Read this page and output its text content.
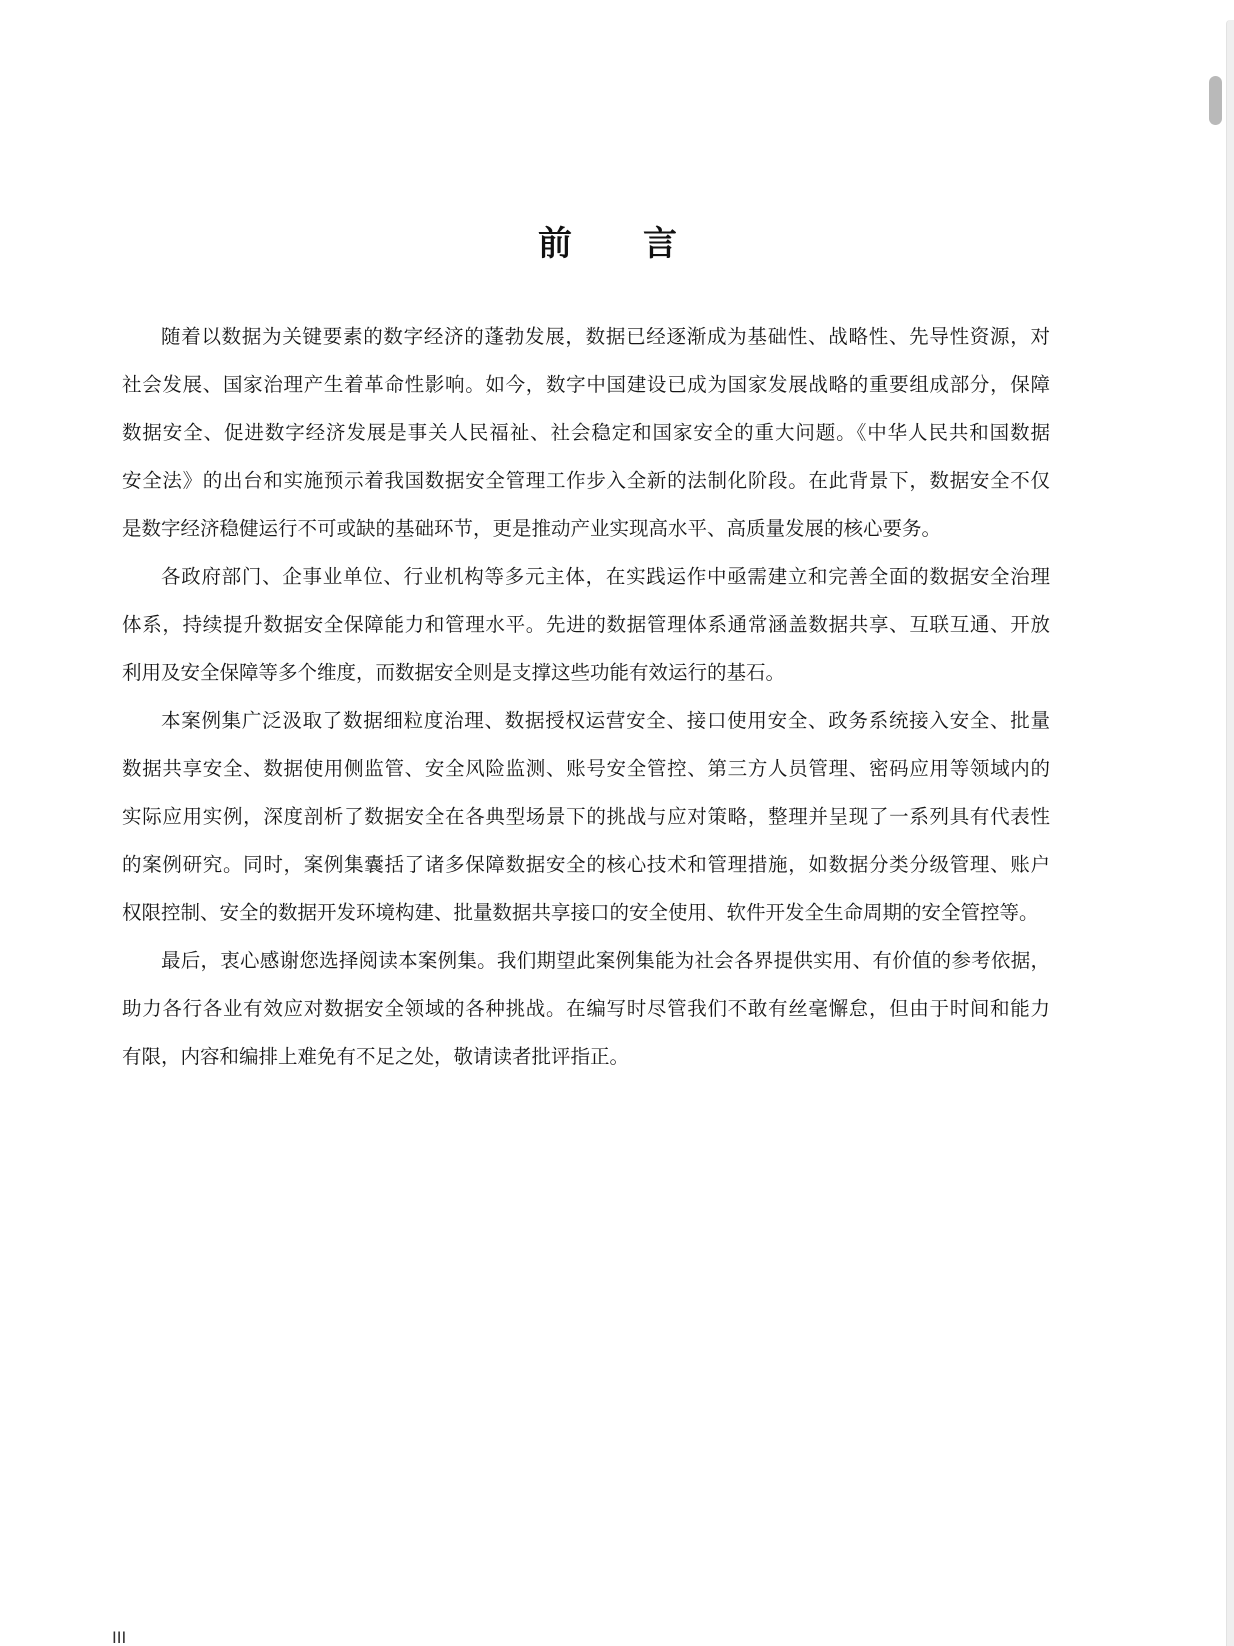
前　　言
随着以数据为关键要素的数字经济的蓬勃发展，数据已经逐渐成为基础性、战略性、先导性资源，对
社会发展、国家治理产生着革命性影响。如今，数字中国建设已成为国家发展战略的重要组成部分，保障
数据安全、促进数字经济发展是事关人民福祉、社会稳定和国家安全的重大问题。《中华人民共和国数据
安全法》的出台和实施预示着我国数据安全管理工作步入全新的法制化阶段。在此背景下，数据安全不仅
是数字经济稳健运行不可或缺的基础环节，更是推动产业实现高水平、高质量发展的核心要务。
各政府部门、企事业单位、行业机构等多元主体，在实践运作中亟需建立和完善全面的数据安全治理
体系，持续提升数据安全保障能力和管理水平。先进的数据管理体系通常涵盖数据共享、互联互通、开放
利用及安全保障等多个维度，而数据安全则是支撑这些功能有效运行的基石。
本案例集广泛汲取了数据细粒度治理、数据授权运营安全、接口使用安全、政务系统接入安全、批量
数据共享安全、数据使用侧监管、安全风险监测、账号安全管控、第三方人员管理、密码应用等领域内的
实际应用实例，深度剖析了数据安全在各典型场景下的挑战与应对策略，整理并呈现了一系列具有代表性
的案例研究。同时，案例集囊括了诸多保障数据安全的核心技术和管理措施，如数据分类分级管理、账户
权限控制、安全的数据开发环境构建、批量数据共享接口的安全使用、软件开发全生命周期的安全管控等。
最后，衷心感谢您选择阅读本案例集。我们期望此案例集能为社会各界提供实用、有价值的参考依据，
助力各行各业有效应对数据安全领域的各种挑战。在编写时尽管我们不敢有丝毫懈怠，但由于时间和能力
有限，内容和编排上难免有不足之处，敬请读者批评指正。
III
